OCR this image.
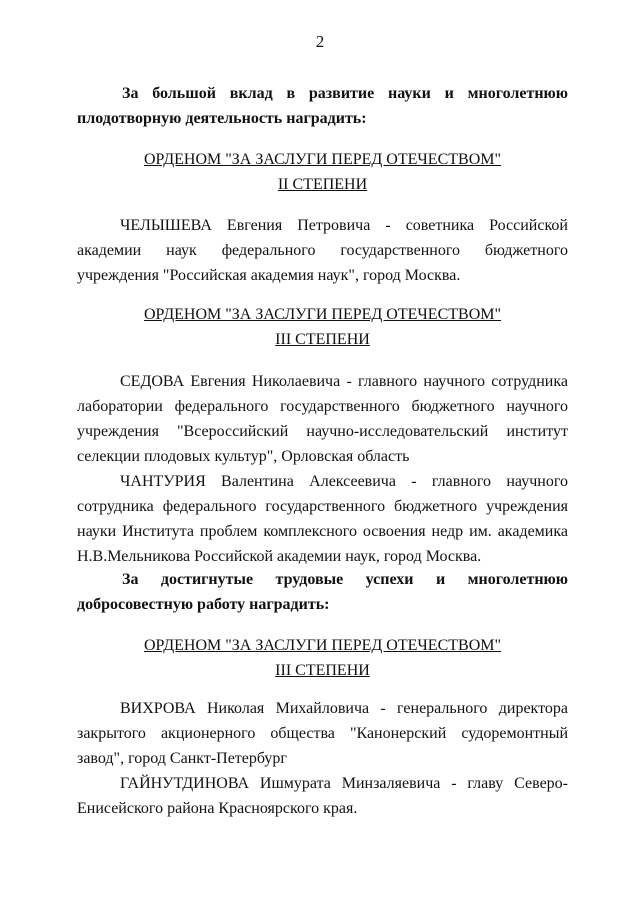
2

За большой вклад в развитие науки и многолетнюю плодотворную деятельность наградить:

ОРДЕНОМ "ЗА ЗАСЛУГИ ПЕРЕД ОТЕЧЕСТВОМ"

II СТЕПЕНИ

ЧЕЛЫШЕВА Евгения Петровича - советника Российской академии наук федерального государственного бюджетного учреждения "Российская академия наук", город Москва.

ОРДЕНОМ "ЗА ЗАСЛУГИ ПЕРЕД ОТЕЧЕСТВОМ"

III СТЕПЕНИ

СЕДОВА Евгения Николаевича - главного научного сотрудника лаборатории федерального государственного бюджетного научного учреждения "Всероссийский научно-исследовательский институт селекции плодовых культур", Орловская область

ЧАНТУРИЯ Валентина Алексеевича - главного научного сотрудника федерального государственного бюджетного учреждения науки Института проблем комплексного освоения недр им. академика Н.В.Мельникова Российской академии наук, город Москва.

За достигнутые трудовые успехи и многолетнюю добросовестную работу наградить:

ОРДЕНОМ "ЗА ЗАСЛУГИ ПЕРЕД ОТЕЧЕСТВОМ"

III СТЕПЕНИ

ВИХРОВА Николая Михайловича - генерального директора закрытого акционерного общества "Канонерский судоремонтный завод", город Санкт-Петербург

ГАЙНУТДИНОВА Ишмурата Минзаляевича - главу Северо-Енисейского района Красноярского края.
